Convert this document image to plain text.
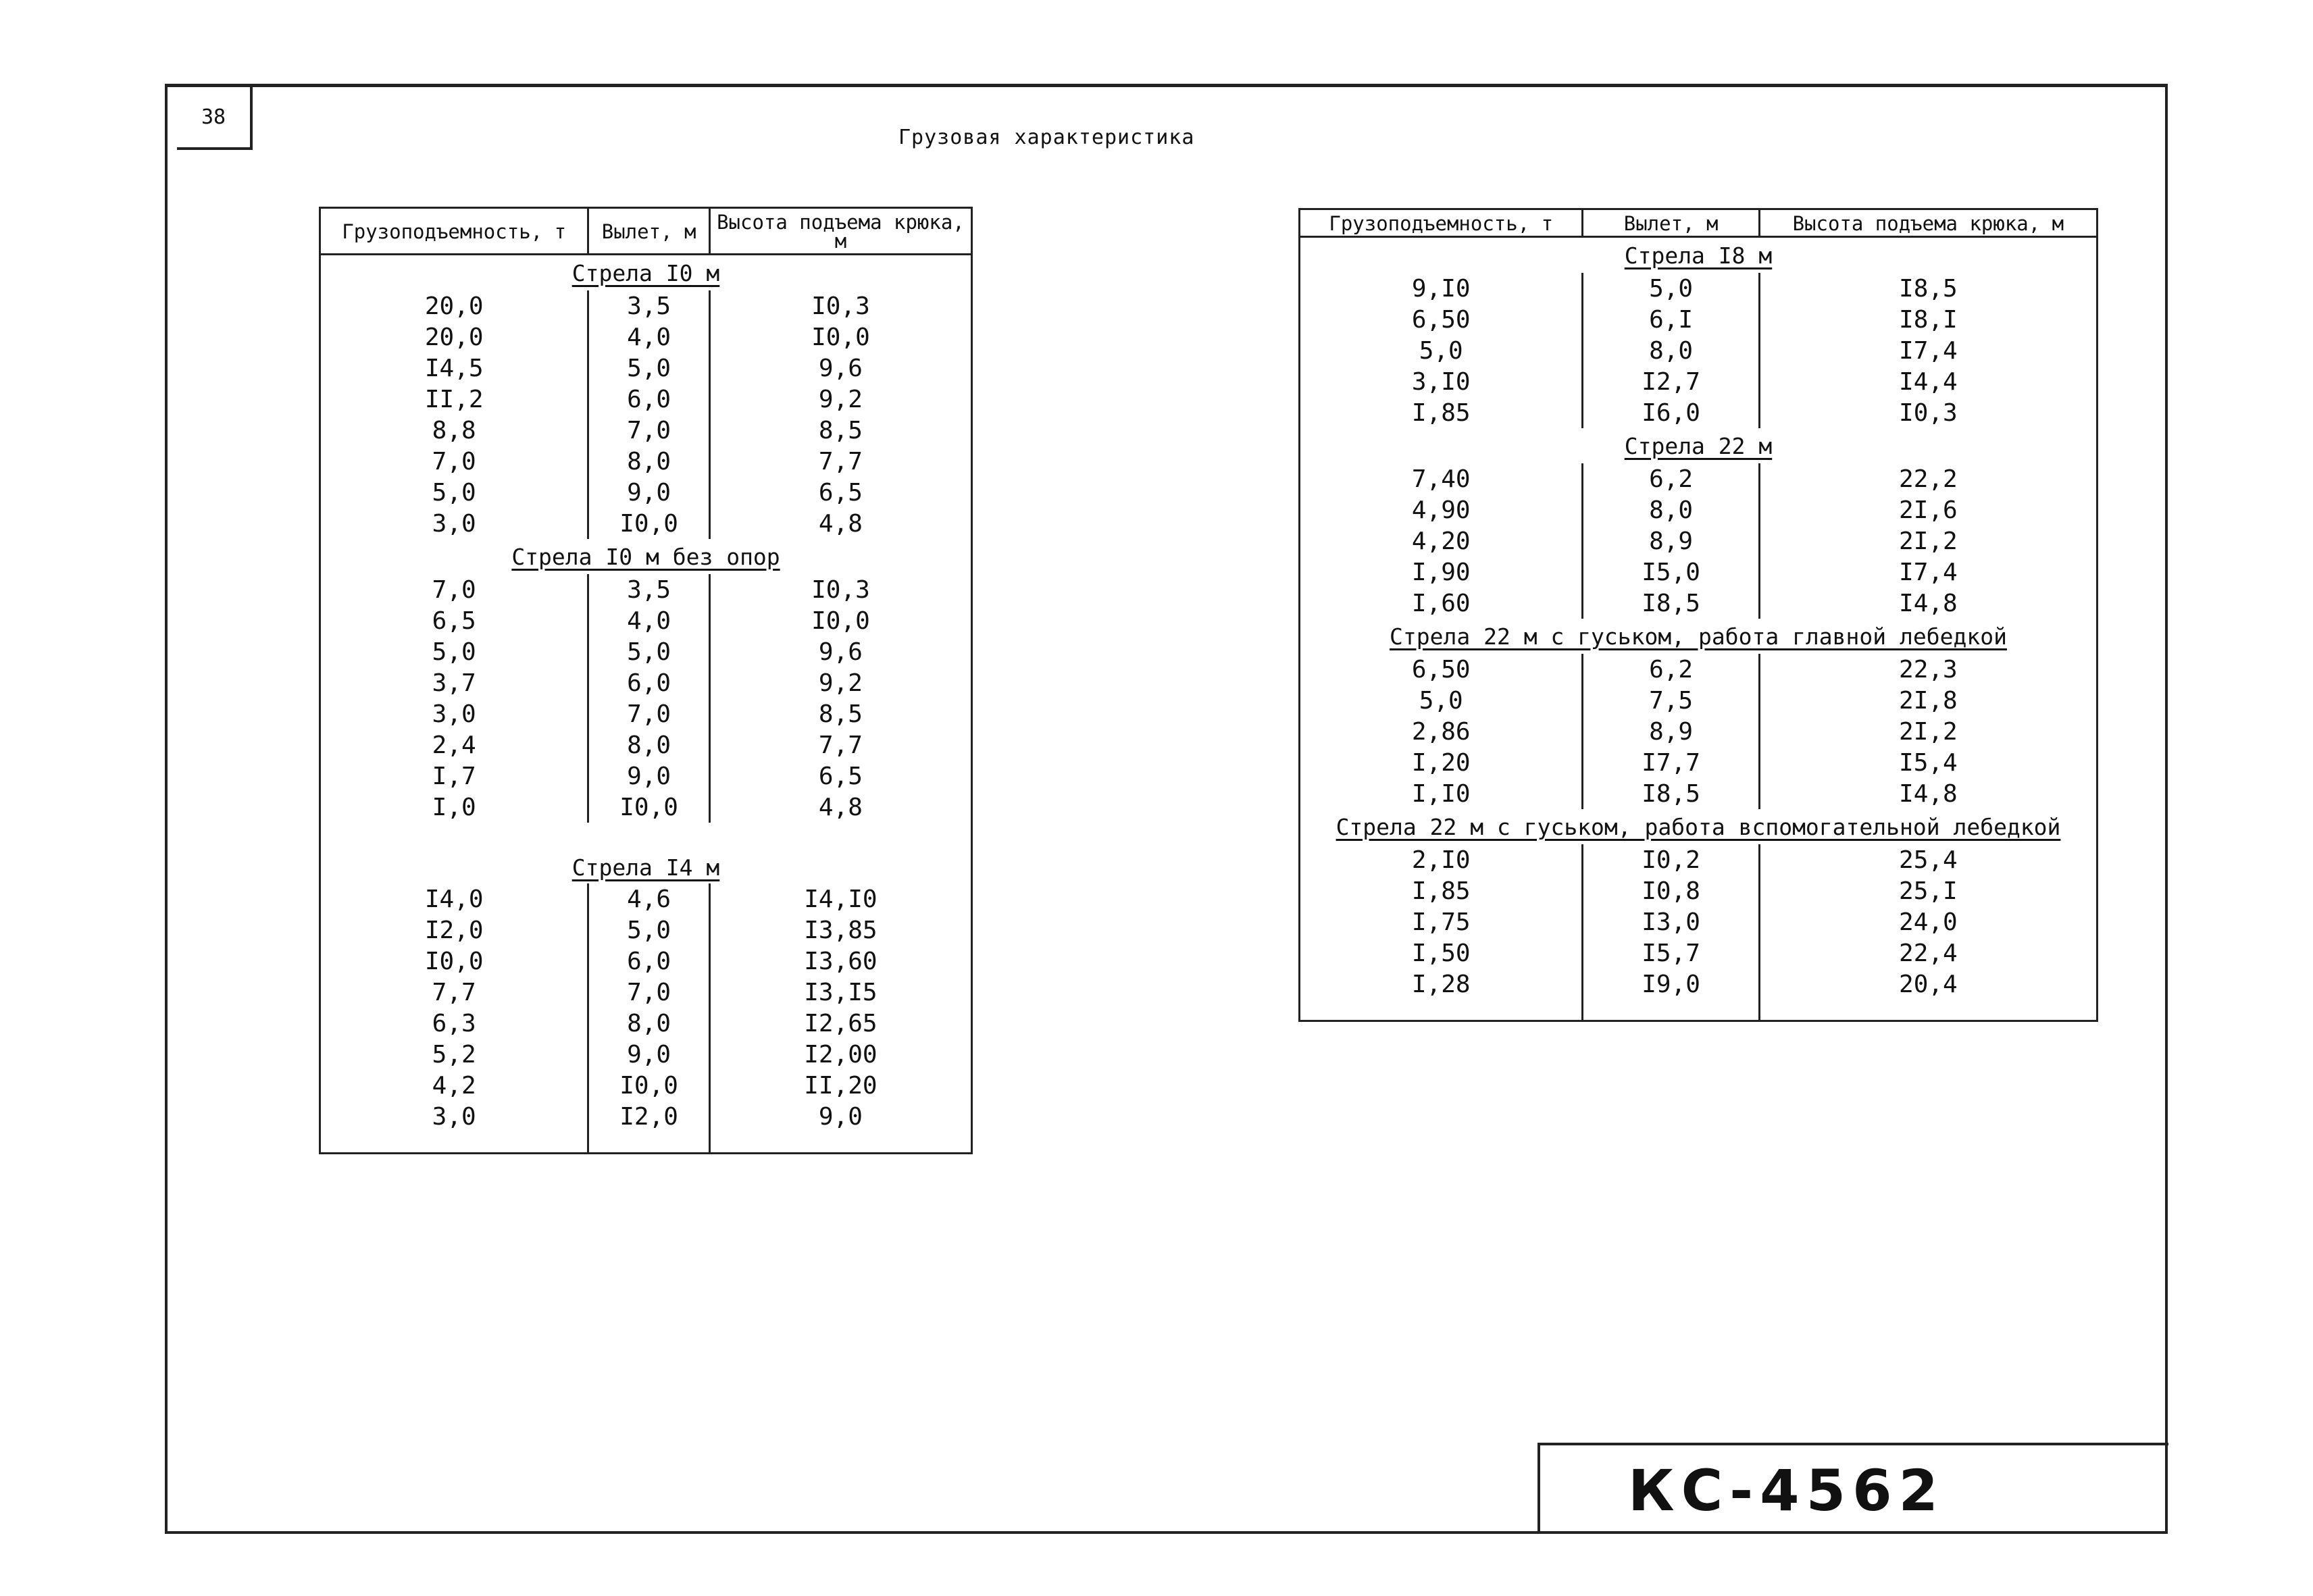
38
Грузовая характеристика
Грузоподъемность, т	Вылет, м	Высота подъема крюка, м
Стрела I0 м		
20,0	3,5	I0,3
20,0	4,0	I0,0
I4,5	5,0	9,6
II,2	6,0	9,2
8,8	7,0	8,5
7,0	8,0	7,7
5,0	9,0	6,5
3,0	I0,0	4,8
Стрела I0 м без опор		
7,0	3,5	I0,3
6,5	4,0	I0,0
5,0	5,0	9,6
3,7	6,0	9,2
3,0	7,0	8,5
2,4	8,0	7,7
I,7	9,0	6,5
I,0	I0,0	4,8
Стрела I4 м		
I4,0	4,6	I4,I0
I2,0	5,0	I3,85
I0,0	6,0	I3,60
7,7	7,0	I3,I5
6,3	8,0	I2,65
5,2	9,0	I2,00
4,2	I0,0	II,20
3,0	I2,0	9,0

Грузоподъемность, т	Вылет, м	Высота подъема крюка, м
Стрела I8 м		
9,I0	5,0	I8,5
6,50	6,I	I8,I
5,0	8,0	I7,4
3,I0	I2,7	I4,4
I,85	I6,0	I0,3
Стрела 22 м		
7,40	6,2	22,2
4,90	8,0	2I,6
4,20	8,9	2I,2
I,90	I5,0	I7,4
I,60	I8,5	I4,8
Стрела 22 м с гуськом, работа главной лебедкой		
6,50	6,2	22,3
5,0	7,5	2I,8
2,86	8,9	2I,2
I,20	I7,7	I5,4
I,I0	I8,5	I4,8
Стрела 22 м с гуськом, работа вспомогательной лебедкой		
2,I0	I0,2	25,4
I,85	I0,8	25,I
I,75	I3,0	24,0
I,50	I5,7	22,4
I,28	I9,0	20,4

КС-4562
